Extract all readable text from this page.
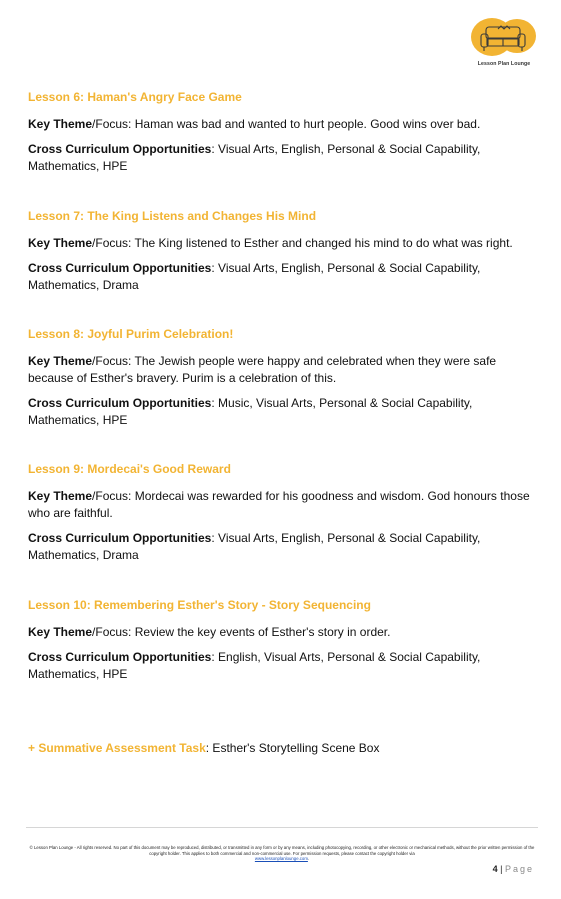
Lesson Plan Lounge

Lesson 6: Haman's Angry Face Game

Key Theme/Focus: Haman was bad and wanted to hurt people. Good wins over bad.

Cross Curriculum Opportunities: Visual Arts, English, Personal & Social Capability, Mathematics, HPE

Lesson 7: The King Listens and Changes His Mind

Key Theme/Focus: The King listened to Esther and changed his mind to do what was right.

Cross Curriculum Opportunities: Visual Arts, English, Personal & Social Capability, Mathematics, Drama

Lesson 8: Joyful Purim Celebration!

Key Theme/Focus: The Jewish people were happy and celebrated when they were safe because of Esther's bravery. Purim is a celebration of this.

Cross Curriculum Opportunities: Music, Visual Arts, Personal & Social Capability, Mathematics, HPE

Lesson 9: Mordecai's Good Reward

Key Theme/Focus: Mordecai was rewarded for his goodness and wisdom. God honours those who are faithful.

Cross Curriculum Opportunities: Visual Arts, English, Personal & Social Capability, Mathematics, Drama

Lesson 10: Remembering Esther's Story - Story Sequencing

Key Theme/Focus: Review the key events of Esther's story in order.

Cross Curriculum Opportunities: English, Visual Arts, Personal & Social Capability, Mathematics, HPE

+ Summative Assessment Task: Esther's Storytelling Scene Box
© Lesson Plan Lounge - All rights reserved. No part of this document may be reproduced, distributed, or transmitted in any form or by any means, including photocopying, recording, or other electronic or mechanical methods, without the prior written permission of the copyright holder. This applies to both commercial and non-commercial use. For permission requests, please contact the copyright holder via
www.lessonplanlounge.com.
4 | Page
